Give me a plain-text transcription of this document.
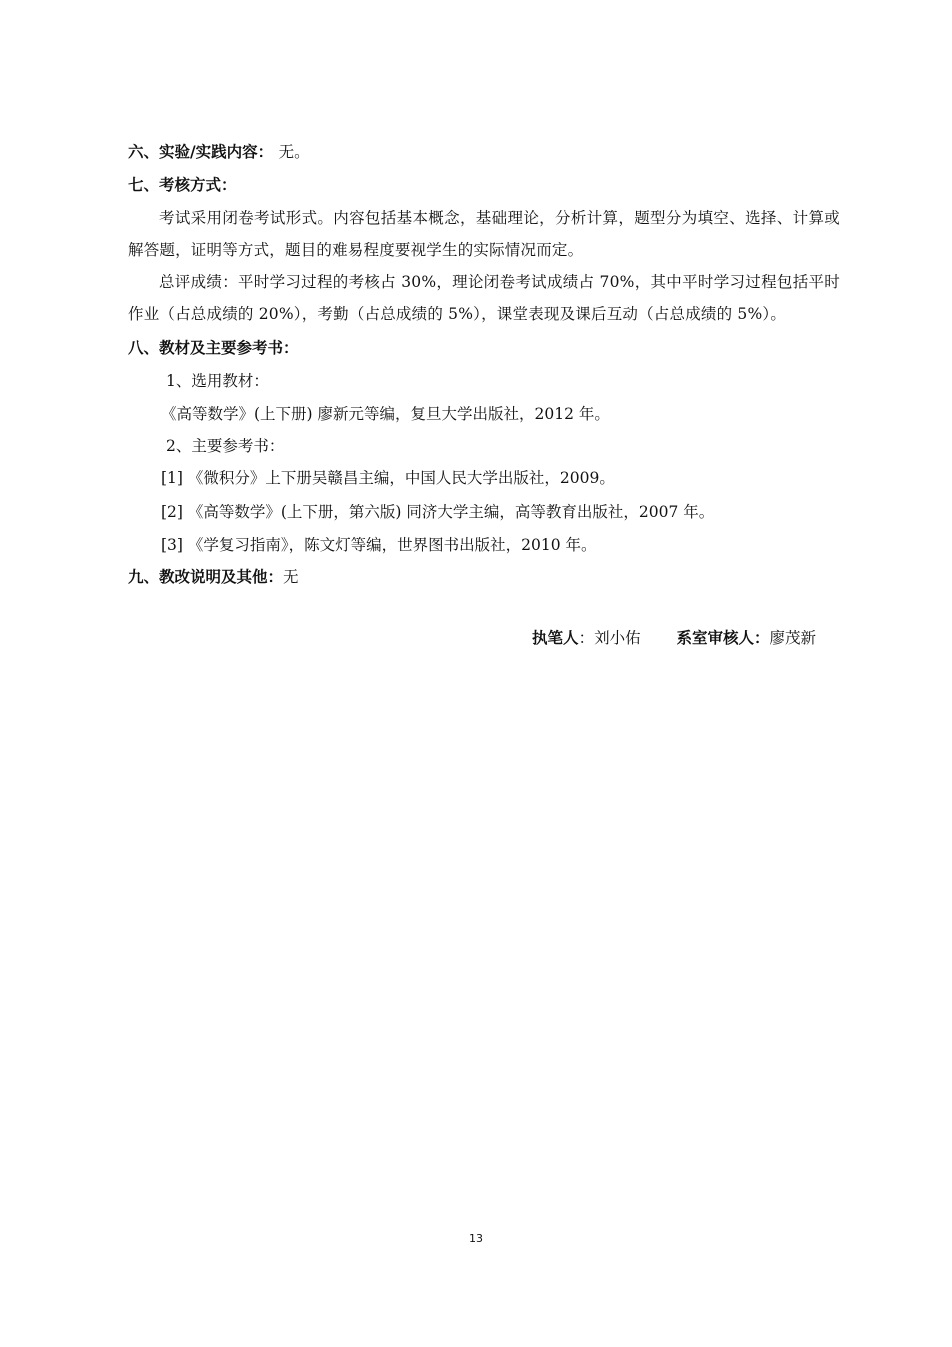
六、实验/实践内容： 无。
七、考核方式：
考试采用闭卷考试形式。内容包括基本概念，基础理论，分析计算，题型分为填空、选择、计算或解答题，证明等方式，题目的难易程度要视学生的实际情况而定。
总评成绩：平时学习过程的考核占 30%，理论闭卷考试成绩占 70%，其中平时学习过程包括平时作业（占总成绩的 20%），考勤（占总成绩的 5%），课堂表现及课后互动（占总成绩的 5%）。
八、教材及主要参考书：
1、选用教材：
《高等数学》(上下册) 廖新元等编，复旦大学出版社，2012 年。
2、主要参考书：
[1] 《微积分》上下册吴赣昌主编，中国人民大学出版社，2009。
[2] 《高等数学》(上下册，第六版) 同济大学主编，高等教育出版社，2007 年。
[3] 《学复习指南》，陈文灯等编，世界图书出版社，2010 年。
九、教改说明及其他：无
执笔人：刘小佑 系室审核人：廖茂新
13
